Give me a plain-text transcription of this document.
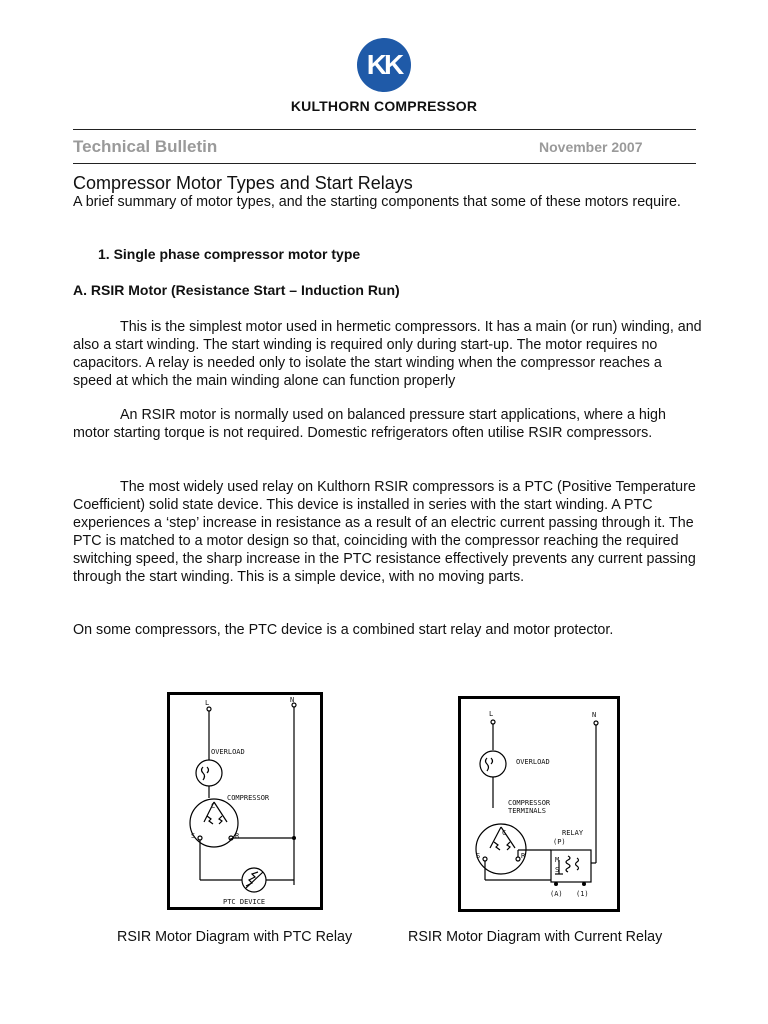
KK
KULTHORN COMPRESSOR
Technical Bulletin	November 2007
Compressor Motor Types and Start Relays

A brief summary of motor types, and the starting components that some of these motors require.

1. Single phase compressor motor type
A. RSIR Motor (Resistance Start – Induction Run)

This is the simplest motor used in hermetic compressors. It has a main (or run) winding, and also a start winding. The start winding is required only during start-up. The motor requires no capacitors. A relay is needed only to isolate the start winding when the compressor reaches a speed at which the main winding alone can function properly

An RSIR motor is normally used on balanced pressure start applications, where a high motor starting torque is not required. Domestic refrigerators often utilise RSIR compressors.

The most widely used relay on Kulthorn RSIR compressors is a PTC (Positive Temperature Coefficient) solid state device. This device is installed in series with the start winding. A PTC experiences a ‘step’ increase in resistance as a result of an electric current passing through it. The PTC is matched to a motor design so that, coinciding with the compressor reaching the required switching speed, the sharp increase in the PTC resistance effectively prevents any current passing through the start winding. This is a simple device, with no moving parts.

On some compressors, the PTC device is a combined start relay and motor protector.

L	N
OVERLOAD
COMPRESSOR
C
S	R
PTC DEVICE
L	N
OVERLOAD
COMPRESSOR
TERMINALS
RELAY
(P)
C
S	R	M
S
(A) (1)
RSIR Motor Diagram with PTC Relay	RSIR Motor Diagram with Current Relay
